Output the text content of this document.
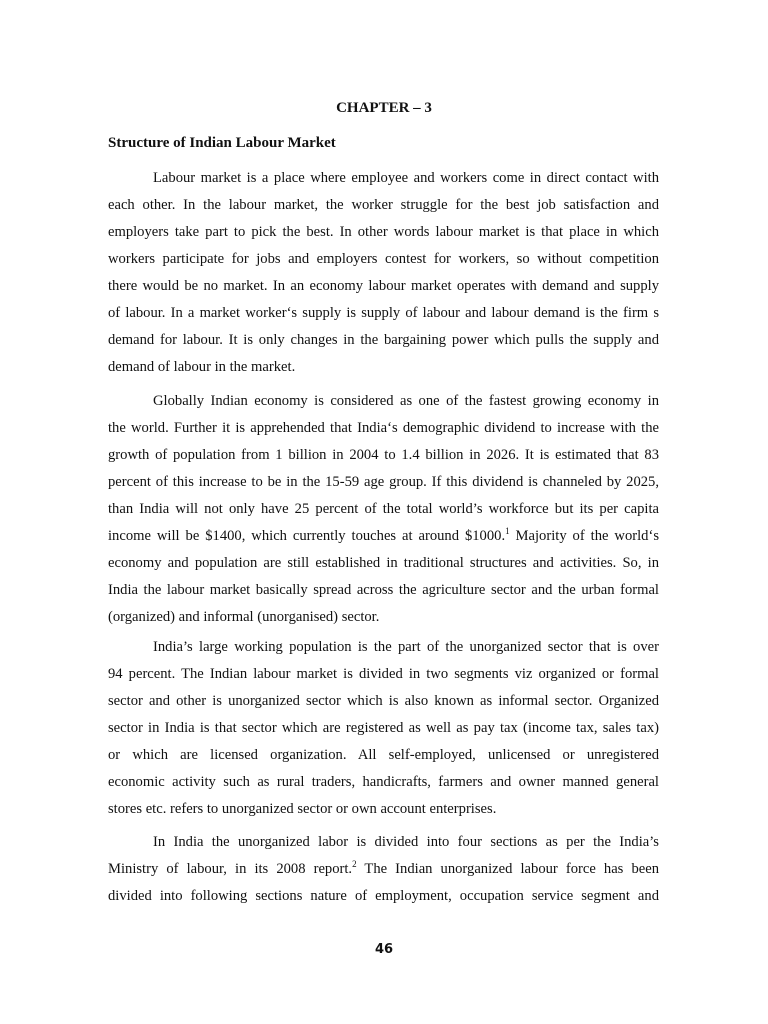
CHAPTER – 3
Structure of Indian Labour Market
Labour market is a place where employee and workers come in direct contact with
each other. In the labour market, the worker struggle for the best job satisfaction and
employers take part to pick the best. In other words labour market is that place in which
workers participate for jobs and employers contest for workers, so without competition
there would be no market. In an economy labour market operates with demand and supply
of labour. In a market worker‘s supply is supply of labour and labour demand is the firm s
demand for labour. It is only changes in the bargaining power which pulls the supply and
demand of labour in the market.
Globally Indian economy is considered as one of the fastest growing economy in
the world. Further it is apprehended that India‘s demographic dividend to increase with the
growth of population from 1 billion in 2004 to 1.4 billion in 2026. It is estimated that 83
percent of this increase to be in the 15-59 age group. If this dividend is channeled by 2025,
than India will not only have 25 percent of the total world’s workforce but its per capita
income will be $1400, which currently touches at around $1000.$^1$ Majority of the world‘s
economy and population are still established in traditional structures and activities. So, in
India the labour market basically spread across the agriculture sector and the urban formal
(organized) and informal (unorganised) sector.
India’s large working population is the part of the unorganized sector that is over
94 percent. The Indian labour market is divided in two segments viz organized or formal
sector and other is unorganized sector which is also known as informal sector. Organized
sector in India is that sector which are registered as well as pay tax (income tax, sales tax)
or which are licensed organization. All self-employed, unlicensed or unregistered
economic activity such as rural traders, handicrafts, farmers and owner manned general
stores etc. refers to unorganized sector or own account enterprises.
In India the unorganized labor is divided into four sections as per the India’s
Ministry of labour, in its 2008 report.$^2$ The Indian unorganized labour force has been
divided into following sections nature of employment, occupation service segment and
46
